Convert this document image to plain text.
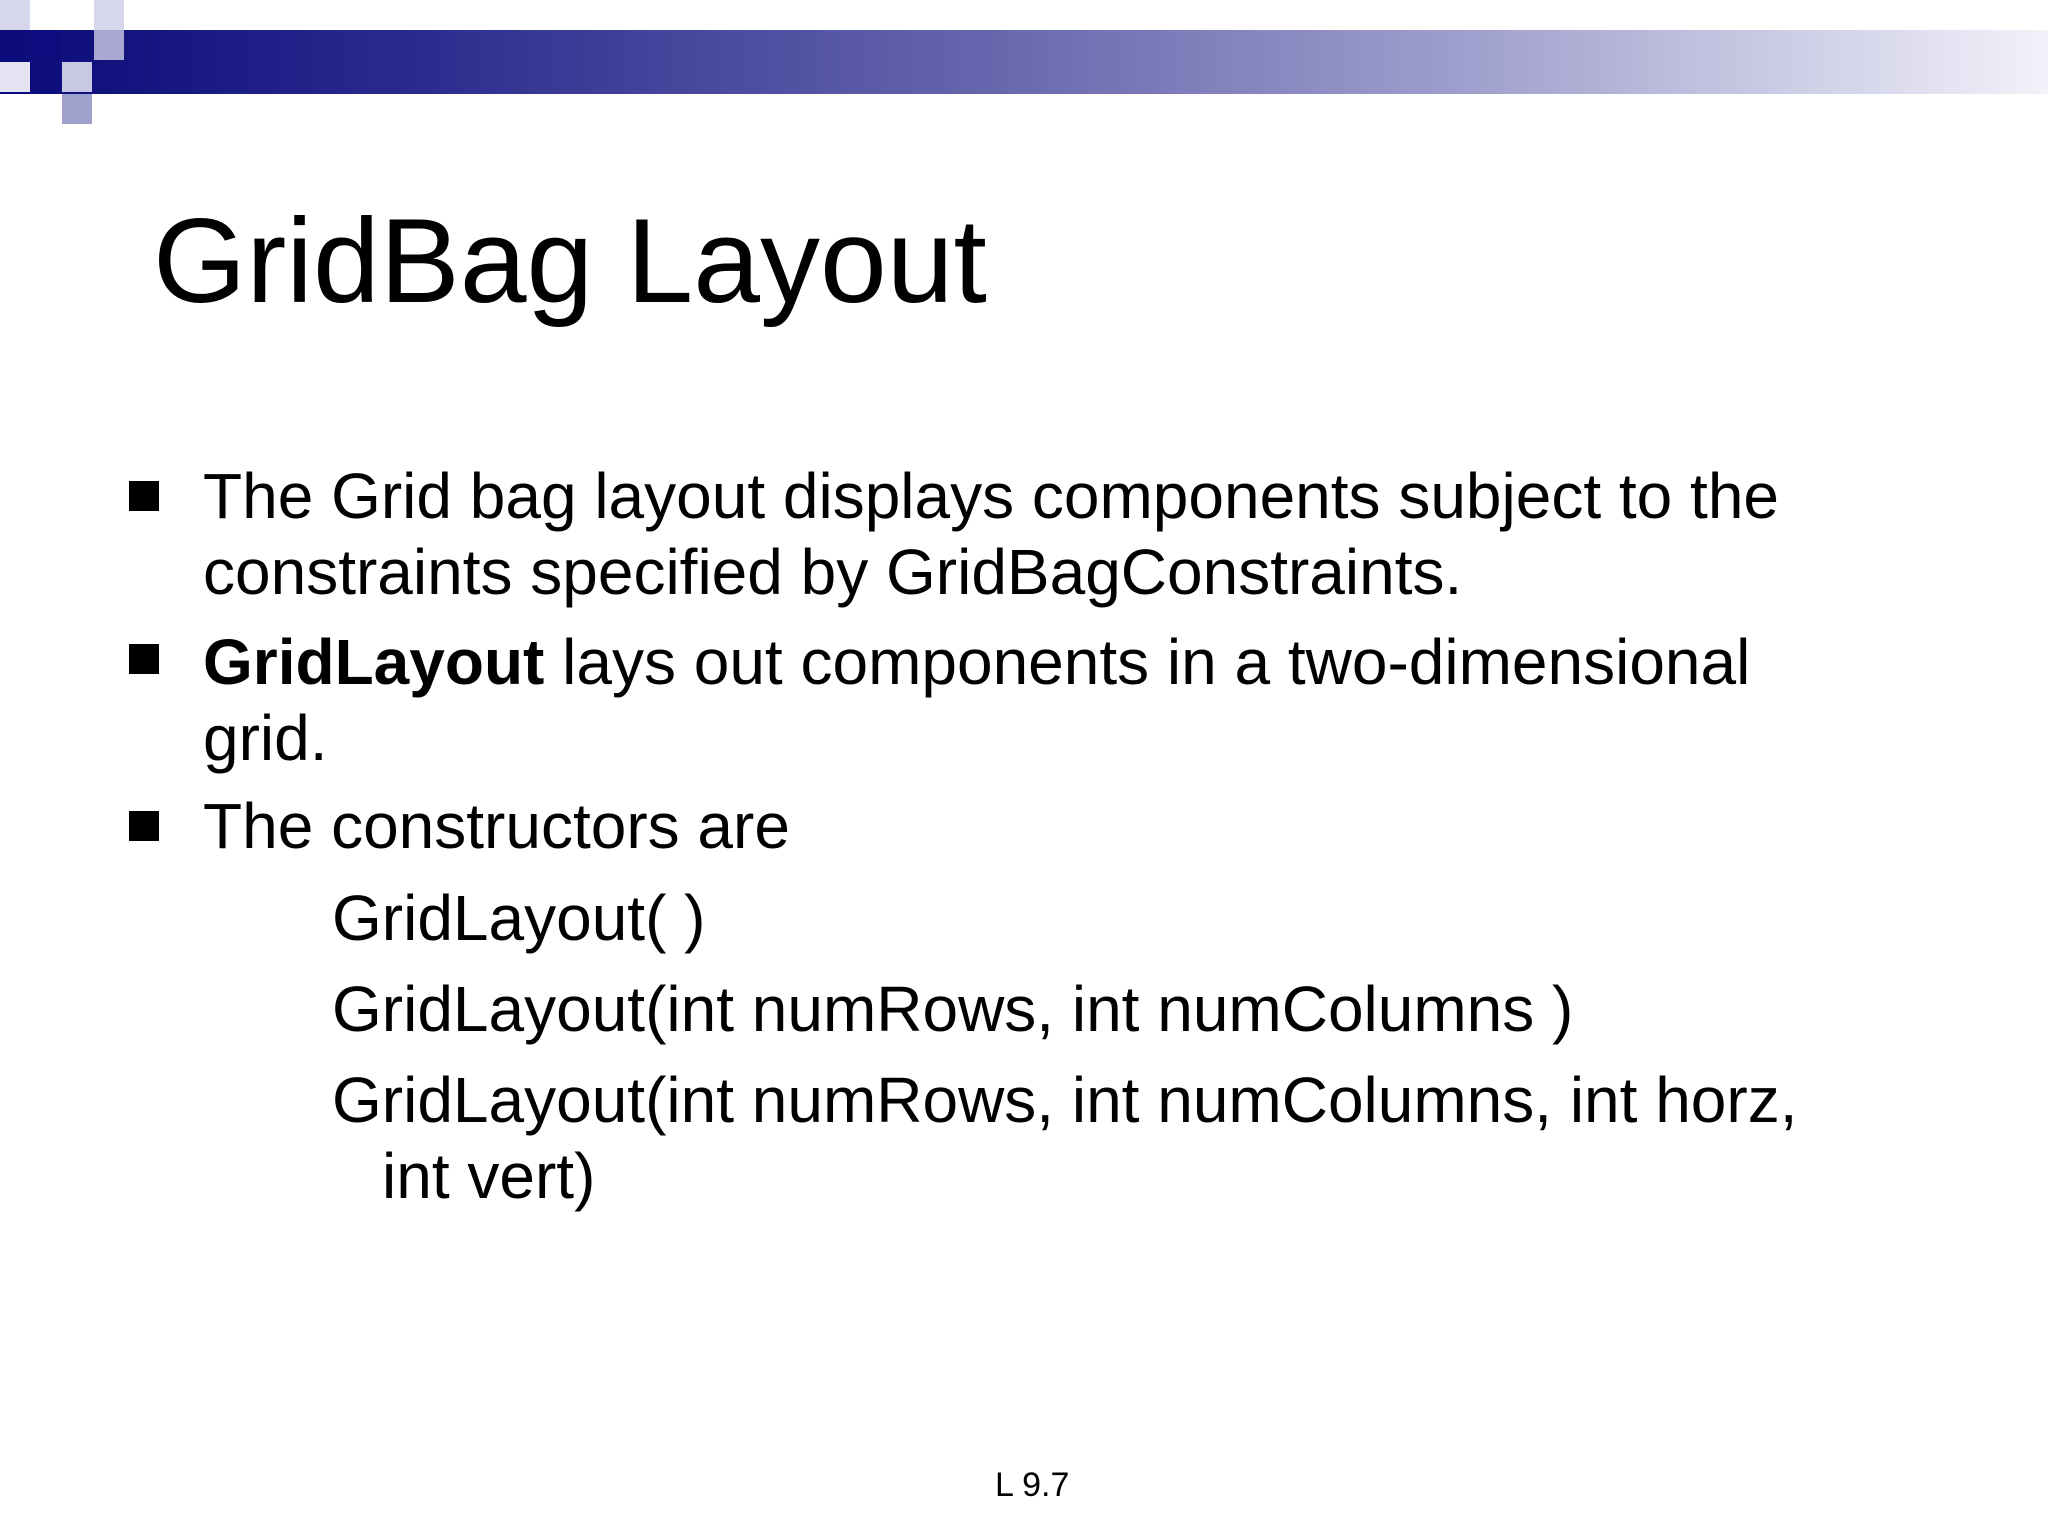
GridBag Layout
The Grid bag layout displays components subject to the
constraints specified by GridBagConstraints.
GridLayout lays out components in a two-dimensional
grid.
The constructors are
GridLayout( )
GridLayout(int numRows, int numColumns )
GridLayout(int numRows, int numColumns, int horz,
int vert)
L 9.7
